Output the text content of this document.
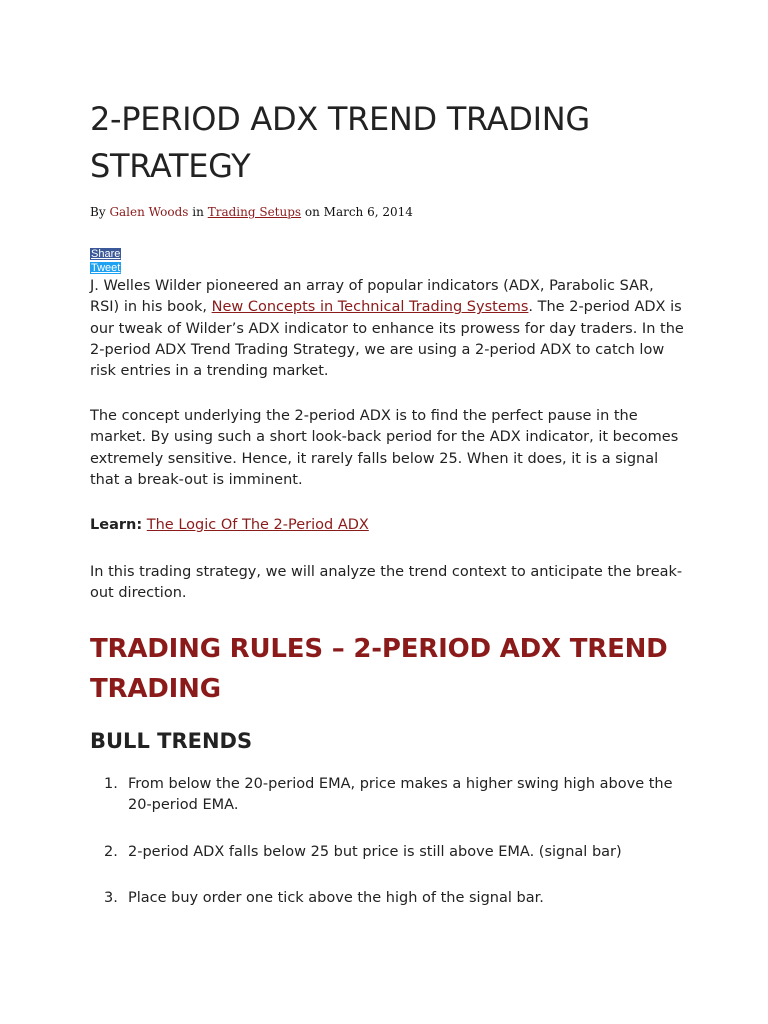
2-PERIOD ADX TREND TRADING STRATEGY
By Galen Woods in Trading Setups on March 6, 2014
Share
Tweet

J. Welles Wilder pioneered an array of popular indicators (ADX, Parabolic SAR, RSI) in his book, New Concepts in Technical Trading Systems. The 2-period ADX is our tweak of Wilder’s ADX indicator to enhance its prowess for day traders. In the 2-period ADX Trend Trading Strategy, we are using a 2-period ADX to catch low risk entries in a trending market.

The concept underlying the 2-period ADX is to find the perfect pause in the market. By using such a short look-back period for the ADX indicator, it becomes extremely sensitive. Hence, it rarely falls below 25. When it does, it is a signal that a break-out is imminent.

Learn: The Logic Of The 2-Period ADX

In this trading strategy, we will analyze the trend context to anticipate the break-out direction.

TRADING RULES – 2-PERIOD ADX TREND TRADING
BULL TRENDS
1. From below the 20-period EMA, price makes a higher swing high above the 20-period EMA.
2. 2-period ADX falls below 25 but price is still above EMA. (signal bar)
3. Place buy order one tick above the high of the signal bar.
